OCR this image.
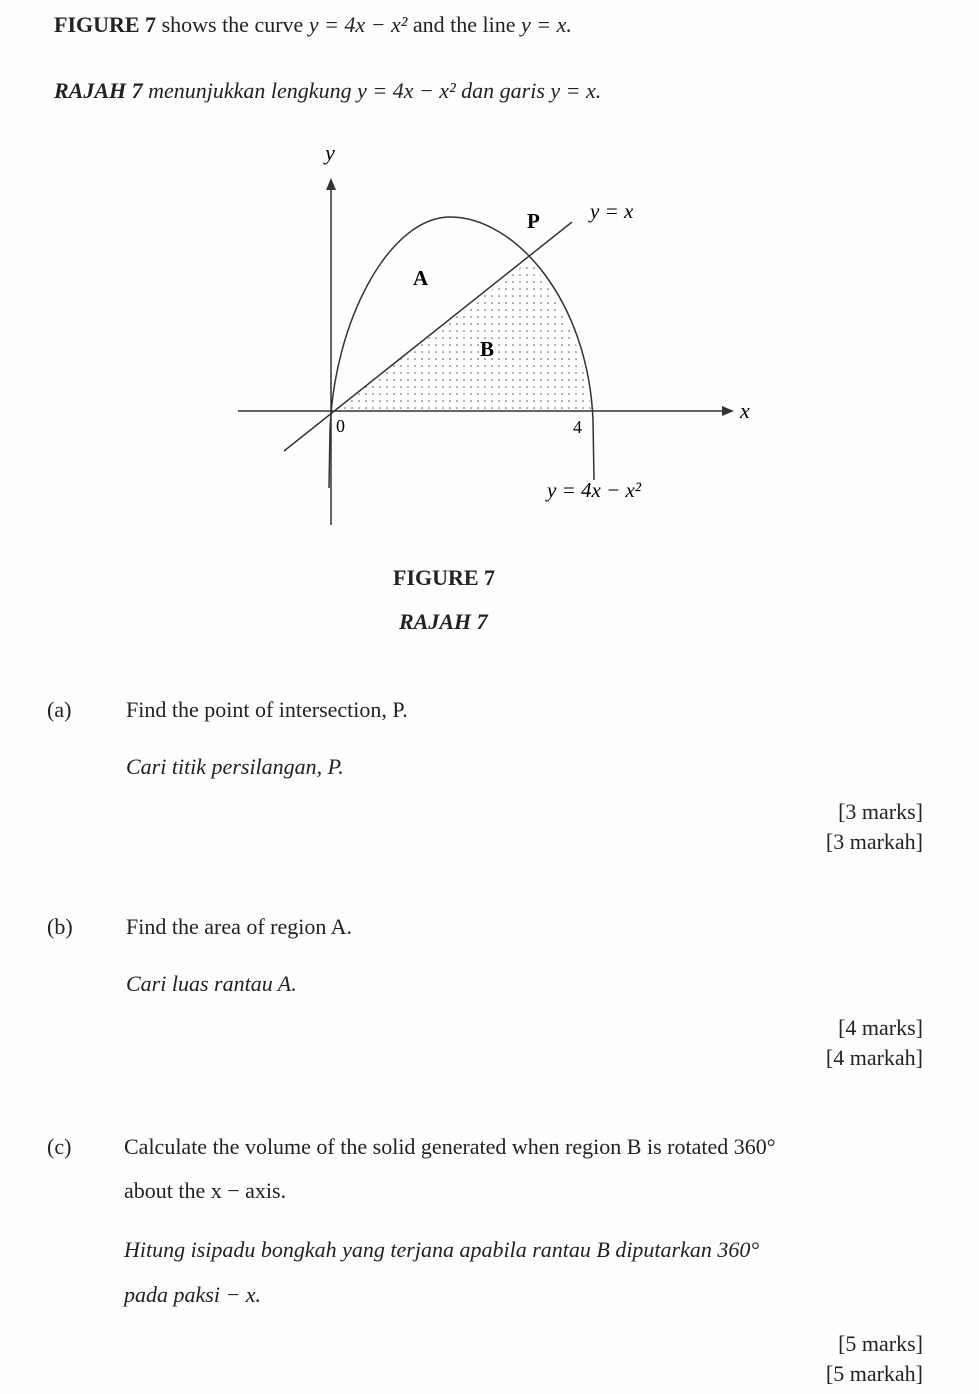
FIGURE 7 shows the curve y = 4x − x² and the line y = x.
RAJAH 7 menunjukkan lengkung y = 4x − x² dan garis y = x.
y
x
0	4
P
A
B
y = x
y = 4x − x²
FIGURE 7
RAJAH 7
(a) Find the point of intersection, P.
Cari titik persilangan, P.
[3 marks]
[3 markah]
(b) Find the area of region A.
Cari luas rantau A.
[4 marks]
[4 markah]
(c) Calculate the volume of the solid generated when region B is rotated 360°
about the x − axis.
Hitung isipadu bongkah yang terjana apabila rantau B diputarkan 360°
pada paksi − x.
[5 marks]
[5 markah]
